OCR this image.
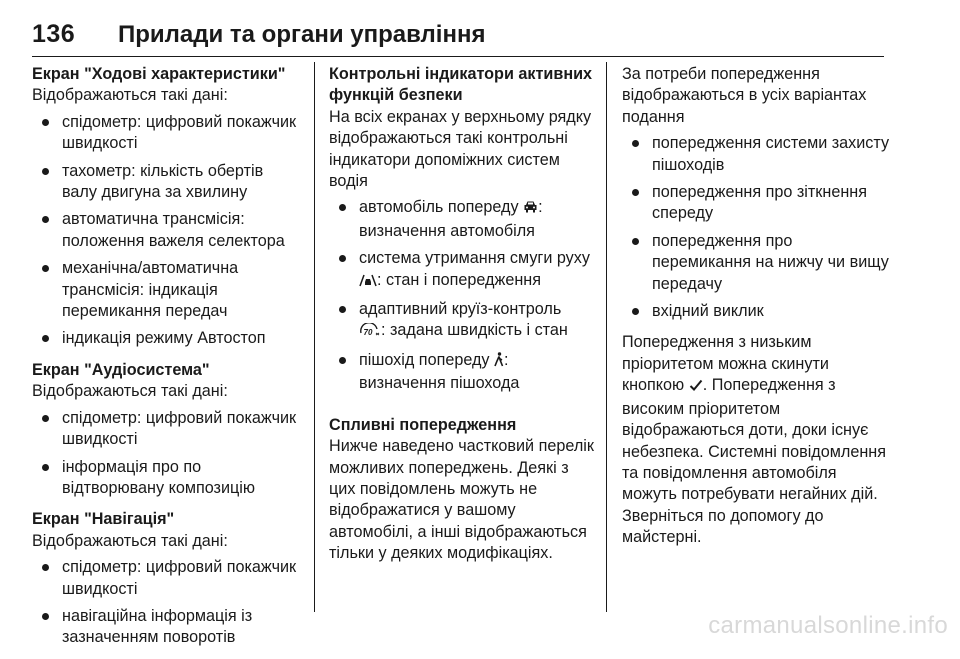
136 Прилади та органи управління
Екран "Ходові характеристики"
Відображаються такі дані:
спідометр: цифровий покажчик швидкості
тахометр: кількість обертів валу двигуна за хвилину
автоматична трансмісія: положення важеля селектора
механічна/автоматична трансмісія: індикація перемикання передач
індикація режиму Автостоп
Екран "Аудіосистема"
Відображаються такі дані:
спідометр: цифровий покажчик швидкості
інформація про по відтворювану композицію
Екран "Навігація"
Відображаються такі дані:
спідометр: цифровий покажчик швидкості
навігаційна інформація із зазначенням поворотів
Контрольні індикатори активних функцій безпеки
На всіх екранах у верхньому рядку відображаються такі контрольні індикатори допоміжних систем водія
автомобіль попереду : визначення автомобіля
система утримання смуги руху : стан і попередження
адаптивний круїз-контроль

70 : задана швидкість і стан
пішохід попереду : визначення пішохода
Спливні попередження
Нижче наведено частковий перелік можливих попереджень. Деякі з цих повідомлень можуть не відображатися у вашому автомобілі, а інші відображаються тільки у деяких модифікаціях.
За потреби попередження відображаються в усіх варіантах подання
попередження системи захисту пішоходів
попередження про зіткнення спереду
попередження про перемикання на нижчу чи вищу передачу
вхідний виклик
Попередження з низьким пріоритетом можна скинути кнопкою . Попередження з високим пріоритетом відображаються доти, доки існує небезпека. Системні повідомлення та повідомлення автомобіля можуть потребувати негайних дій. Зверніться по допомогу до майстерні.
carmanualsonline.info
